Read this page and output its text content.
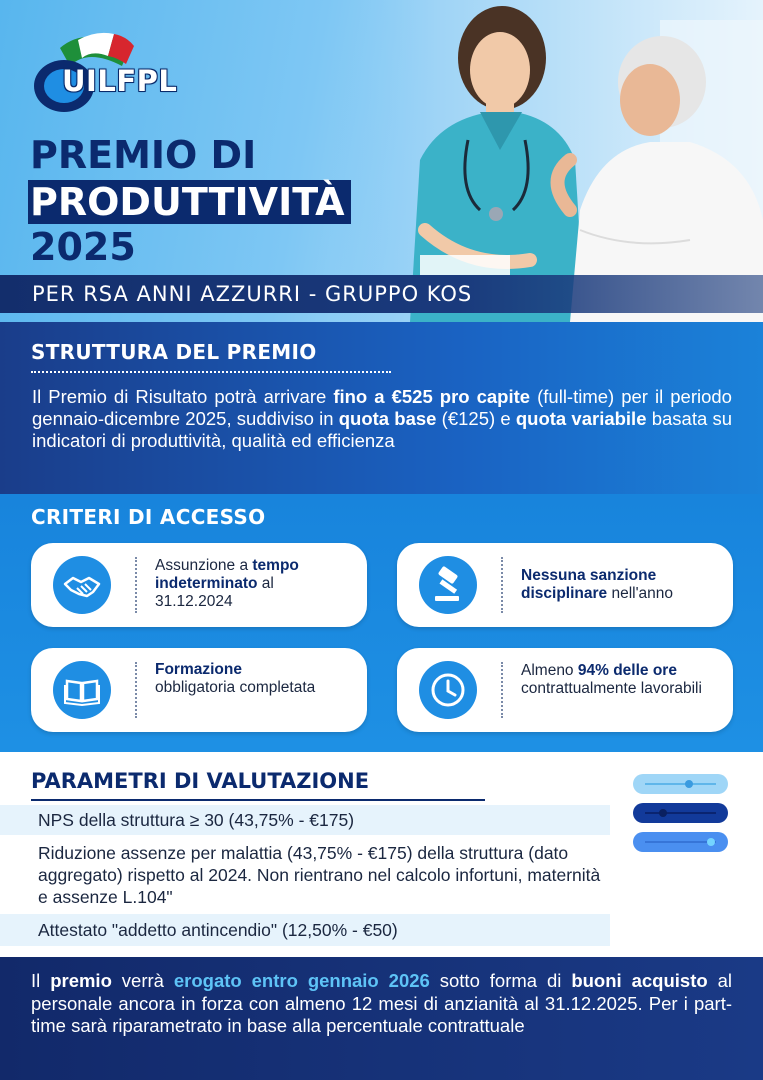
UILFPL
PREMIO DI
PRODUTTIVITÀ
2025
PER RSA ANNI AZZURRI - GRUPPO KOS
STRUTTURA DEL PREMIO
Il Premio di Risultato potrà arrivare fino a €525 pro capite (full-time) per il periodo gennaio-dicembre 2025, suddiviso in quota base (€125) e quota variabile basata su indicatori di produttività, qualità ed efficienza
CRITERI DI ACCESSO
Assunzione a tempo indeterminato al 31.12.2024
Nessuna sanzione disciplinare nell'anno
Formazione
obbligatoria completata
Almeno 94% delle ore
contrattualmente lavorabili
PARAMETRI DI VALUTAZIONE
NPS della struttura ≥ 30 (43,75% - €175)
Riduzione assenze per malattia (43,75% - €175) della struttura (dato aggregato) rispetto al 2024. Non rientrano nel calcolo infortuni, maternità e assenze L.104"
Attestato "addetto antincendio" (12,50% - €50)
Il premio verrà erogato entro gennaio 2026 sotto forma di buoni acquisto al personale ancora in forza con almeno 12 mesi di anzianità al 31.12.2025. Per i part-time sarà riparametrato in base alla percentuale contrattuale
